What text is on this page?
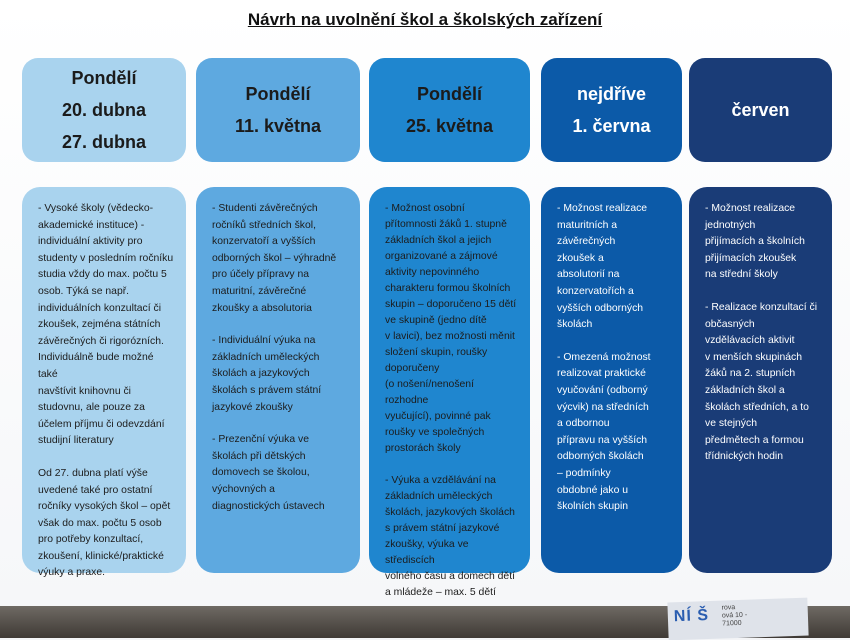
NÍ Š rova
ová 10 -
71000
Návrh na uvolnění škol a školských zařízení
Pondělí
20. dubna
27. dubna
Pondělí
11. května
Pondělí
25. května
nejdříve
1. června
červen

- Vysoké školy (vědecko-
akademické instituce) -
individuální aktivity pro
studenty v posledním ročníku
studia vždy do max. počtu 5
osob. Týká se např.
individuálních konzultací či
zkoušek, zejména státních
závěrečných či rigorózních.
Individuálně bude možné také
navštívit knihovnu či
studovnu, ale pouze za
účelem příjmu či odevzdání
studijní literatury

Od 27. dubna platí výše
uvedené také pro ostatní
ročníky vysokých škol – opět
však do max. počtu 5 osob
pro potřeby konzultací,
zkoušení, klinické/praktické
výuky a praxe.

- Studenti závěrečných
ročníků středních škol,
konzervatoří a vyšších
odborných škol – výhradně
pro účely přípravy na
maturitní, závěrečné
zkoušky a absolutoria

- Individuální výuka na
základních uměleckých
školách a jazykových
školách s právem státní
jazykové zkoušky

- Prezenční výuka ve
školách při dětských
domovech se školou,
výchovných a
diagnostických ústavech

- Možnost osobní
přítomnosti žáků 1. stupně
základních škol a jejich
organizované a zájmové
aktivity nepovinného
charakteru formou školních
skupin – doporučeno 15 dětí
ve skupině (jedno dítě
v lavici), bez možnosti měnit
složení skupin, roušky
doporučeny
(o nošení/nenošení rozhodne
vyučující), povinné pak
roušky ve společných
prostorách školy

- Výuka a vzdělávání na
základních uměleckých
školách, jazykových školách
s právem státní jazykové
zkoušky, výuka ve střediscích
volného času a domech dětí
a mládeže – max. 5 dětí

- Možnost realizace
maturitních a
závěrečných
zkoušek a
absolutorií na
konzervatořích a
vyšších odborných
školách

- Omezená možnost
realizovat praktické
vyučování (odborný
výcvik) na středních
a odbornou
přípravu na vyšších
odborných školách
– podmínky
obdobné jako u
školních skupin

- Možnost realizace
jednotných
přijímacích a školních
přijímacích zkoušek
na střední školy

- Realizace konzultací či
občasných
vzdělávacích aktivit
v menších skupinách
žáků na 2. stupních
základních škol a
školách středních, a to
ve stejných
předmětech a formou
třídnických hodin
